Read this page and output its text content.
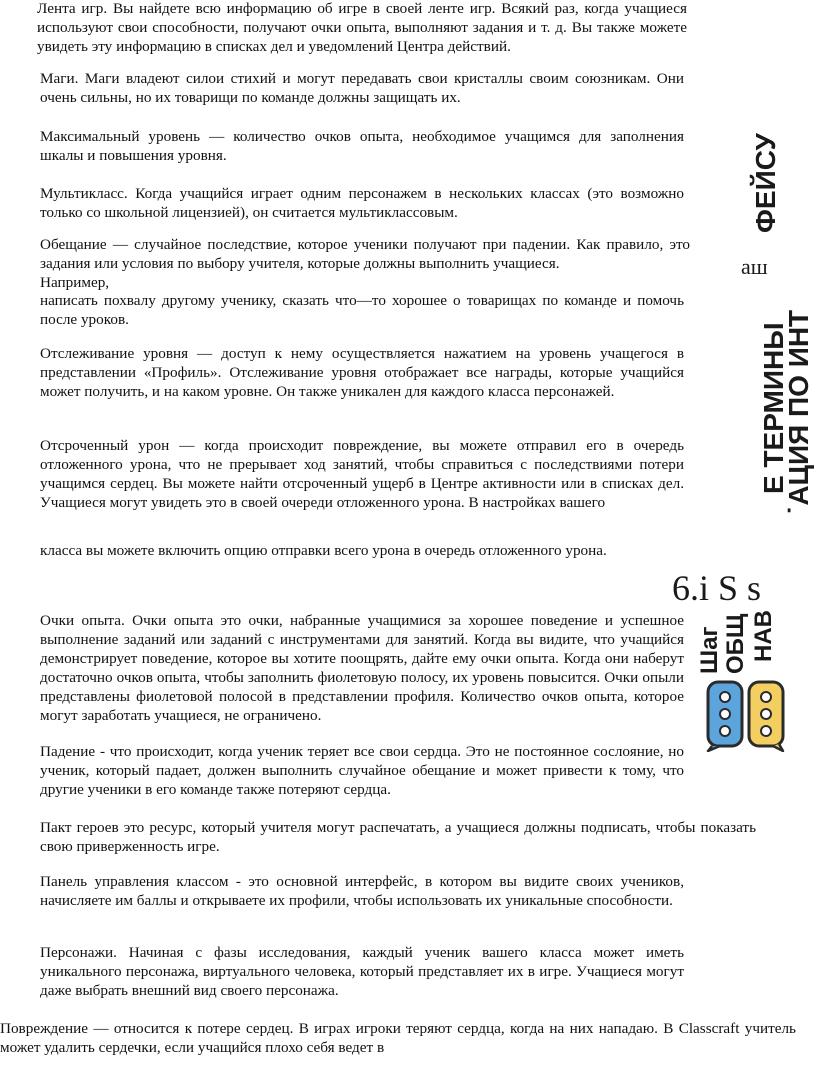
Лента игр. Вы найдете всю информацию об игре в своей ленте игр. Всякий раз, когда учащиеся используют свои способности, получают очки опыта, выполняют задания и т. д. Вы также можете увидеть эту информацию в списках дел и уведомлений Центра действий.

Маги. Маги владеют силои стихий и могут передавать свои кристаллы своим союзникам. Они очень сильны, но их товарищи по команде должны защищать их.

Максимальный уровень — количество очков опыта, необходимое учащимся для заполнения шкалы и повышения уровня.

Мультикласс. Когда учащийся играет одним персонажем в нескольких классах (это возможно только со школьной лицензией), он считается мультиклассовым.

Обещание — случайное последствие, которое ученики получают при падении. Как правило, это задания или условия по выбору учителя, которые должны выполнить учащиеся.

Например,

написать похвалу другому ученику, сказать что—то хорошее о товарищах по команде и помочь после уроков.

Отслеживание уровня — доступ к нему осуществляется нажатием на уровень учащегося в представлении «Профиль». Отслеживание уровня отображает все награды, которые учащийся может получить, и на каком уровне. Он также уникален для каждого класса персонажей.

Отсроченный урон — когда происходит повреждение, вы можете отправил его в очередь отложенного урона, что не прерывает ход занятий, чтобы справиться с последствиями потери учащимся сердец. Вы можете найти отсроченный ущерб в Центре активности или в списках дел. Учащиеся могут увидеть это в своей очереди отложенного урона. В настройках вашего

класса вы можете включить опцию отправки всего урона в очередь отложенного урона.

Очки опыта. Очки опыта это очки, набранные учащимися за хорошее поведение и успешное выполнение заданий или заданий с инструментами для занятий. Когда вы видите, что учащийся демонстрирует поведение, которое вы хотите поощрять, дайте ему очки опыта. Когда они наберут достаточно очков опыта, чтобы заполнить фиолетовую полосу, их уровень повысится. Очки опыли представлены фиолетовой полосой в представлении профиля. Количество очков опыта, которое могут заработать учащиеся, не ограничено.

Падение - что происходит, когда ученик теряет все свои сердца. Это не постоянное сослояние, но ученик, который падает, должен выполнить случайное обещание и может привести к тому, что другие ученики в его команде также потеряют сердца.

Пакт героев это ресурс, который учителя могут распечатать, а учащиеся должны подписать, чтобы показать свою приверженность игре.

Панель управления классом - это основной интерфейс, в котором вы видите своих учеников, начисляете им баллы и открываете их профили, чтобы использовать их уникальные способности.

Персонажи. Начиная с фазы исследования, каждый ученик вашего класса может иметь уникального персонажа, виртуального человека, который представляет их в игре. Учащиеся могут даже выбрать внешний вид своего персонажа.

Повреждение — относится к потере сердец. В играх игроки теряют сердца, когда на них нападаю. В Classcraft учитель может удалить сердечки, если учащийся плохо себя ведет в

ФЕЙСУ
аш
Е ТЕРМИНЫ
˙АЦИЯ ПО ИНТ
6.i S s
Шаг ОБЩ НАВ
